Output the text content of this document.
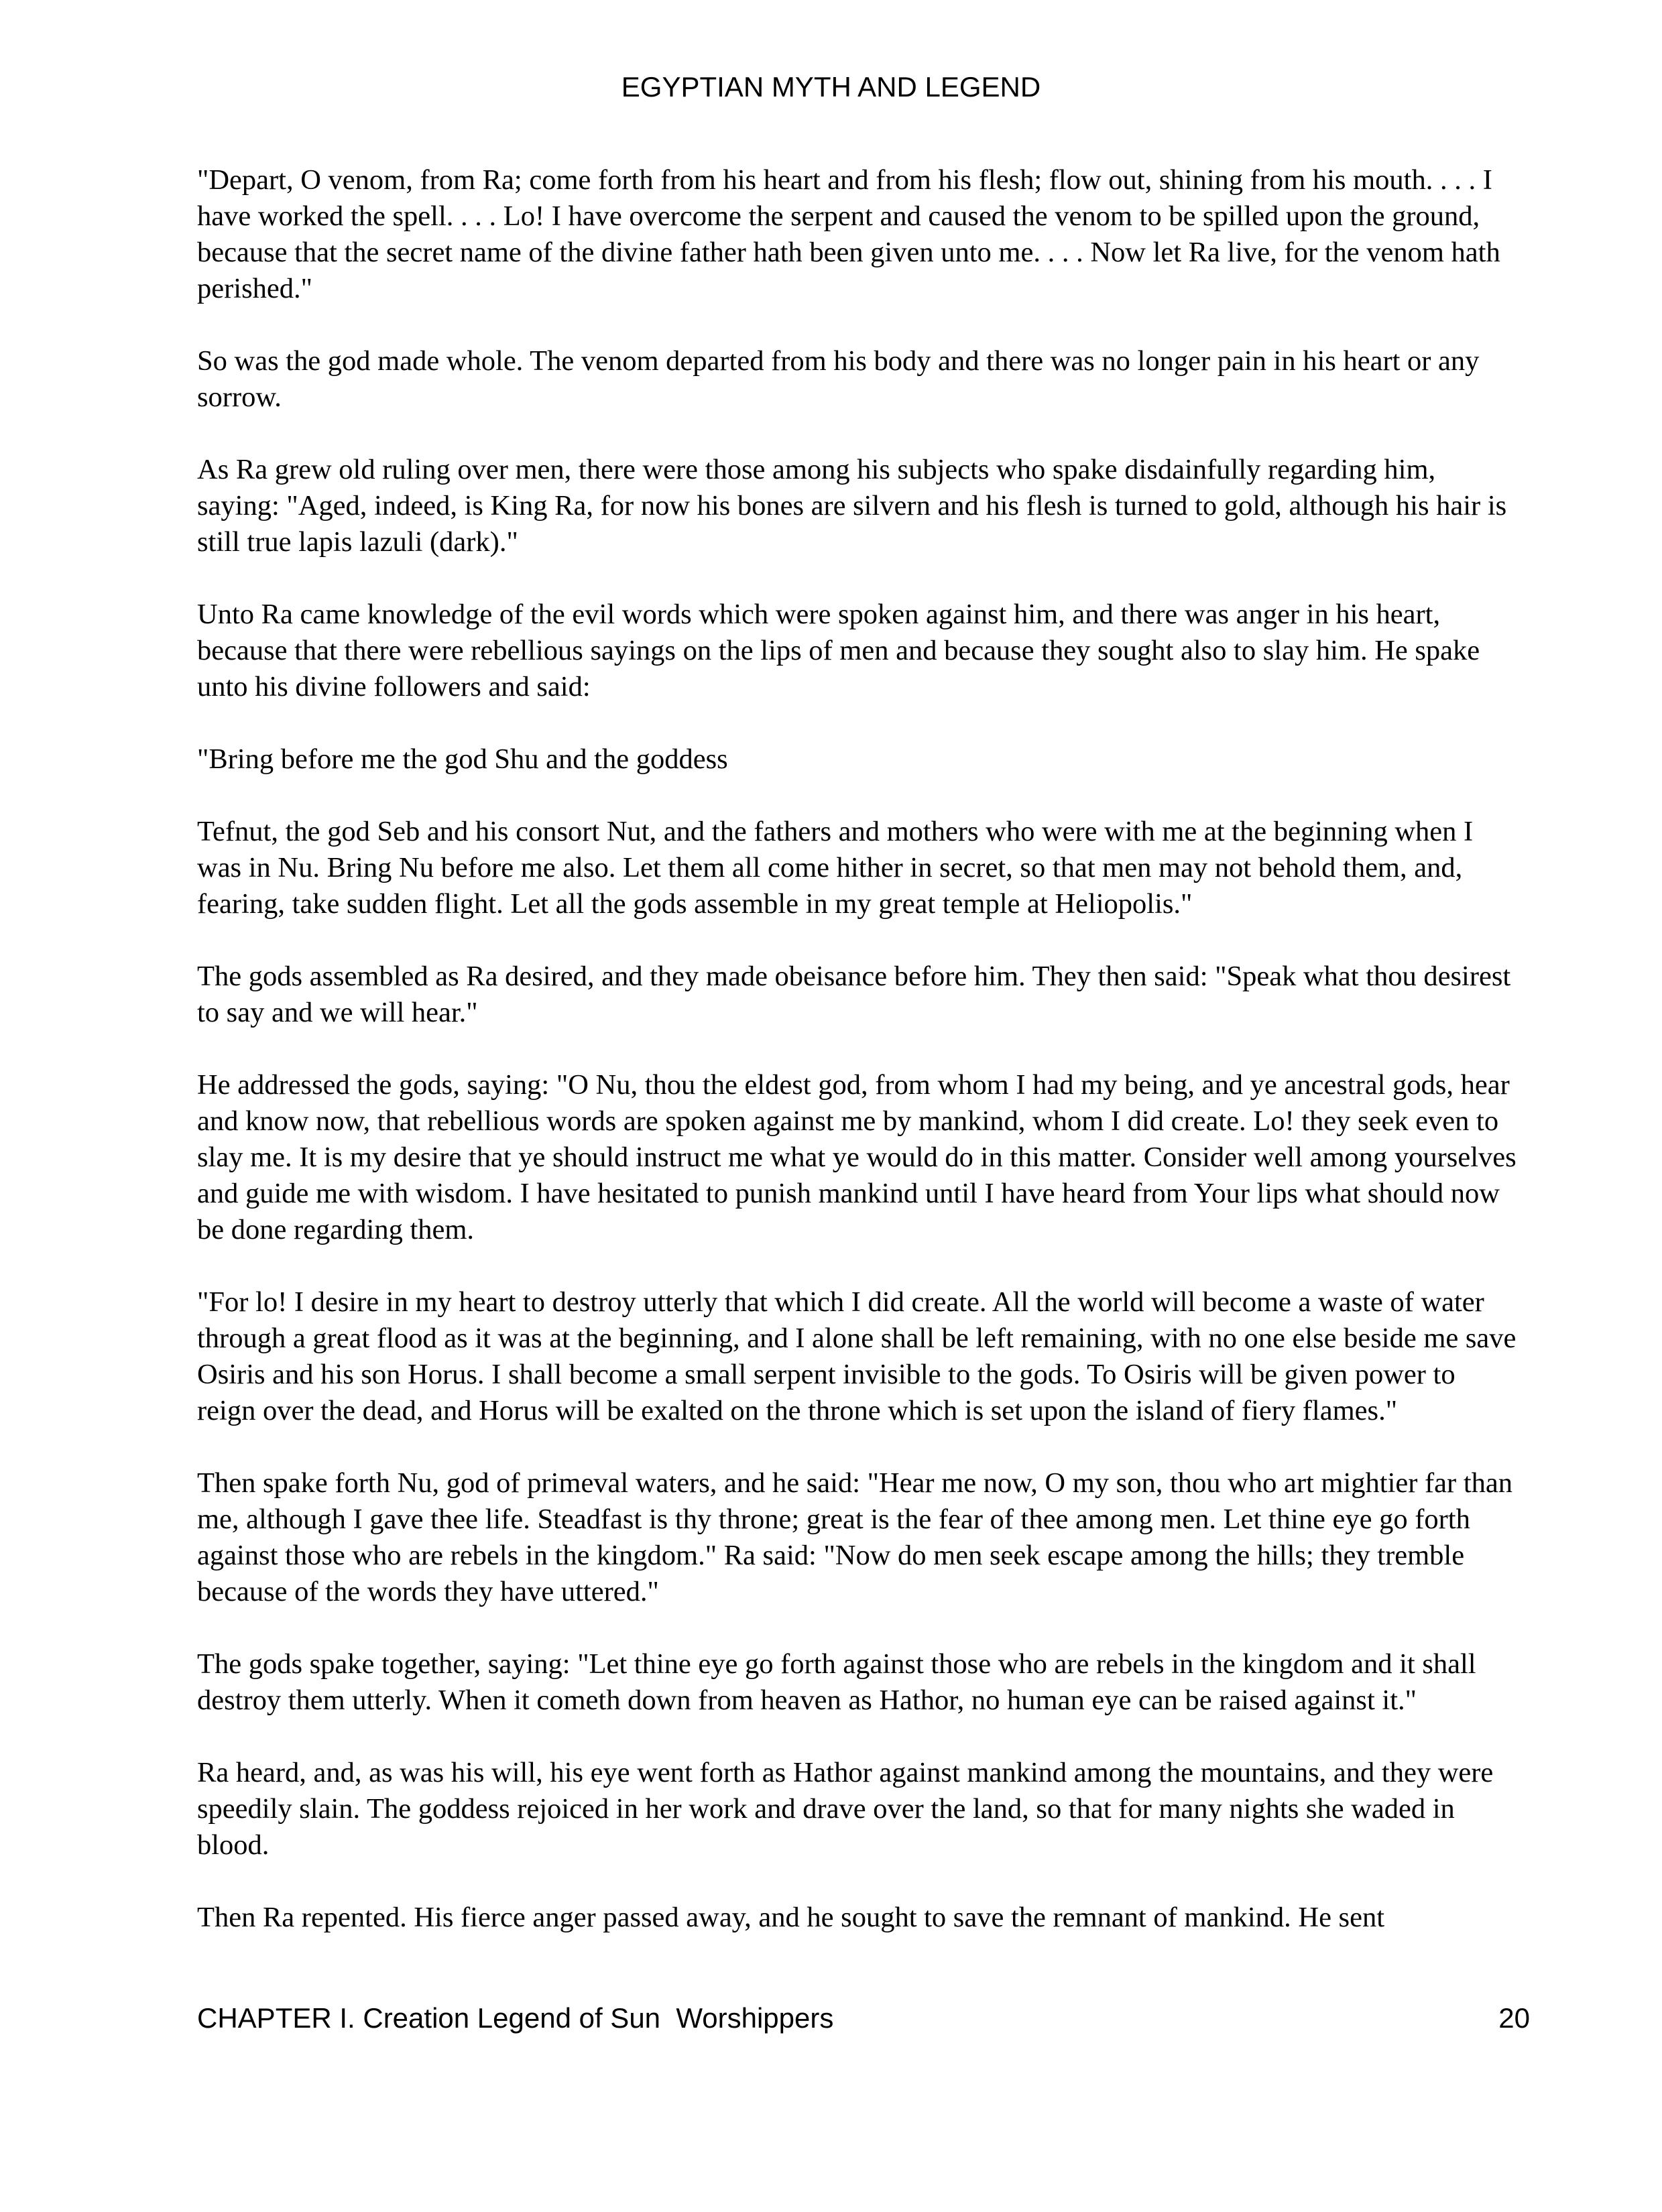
EGYPTIAN MYTH AND LEGEND

"Depart, O venom, from Ra; come forth from his heart and from his flesh; flow out, shining from his mouth. . . . I have worked the spell. . . . Lo! I have overcome the serpent and caused the venom to be spilled upon the ground, because that the secret name of the divine father hath been given unto me. . . . Now let Ra live, for the venom hath perished."

So was the god made whole. The venom departed from his body and there was no longer pain in his heart or any sorrow.

As Ra grew old ruling over men, there were those among his subjects who spake disdainfully regarding him, saying: "Aged, indeed, is King Ra, for now his bones are silvern and his flesh is turned to gold, although his hair is still true lapis lazuli (dark)."

Unto Ra came knowledge of the evil words which were spoken against him, and there was anger in his heart, because that there were rebellious sayings on the lips of men and because they sought also to slay him. He spake unto his divine followers and said:

"Bring before me the god Shu and the goddess

Tefnut, the god Seb and his consort Nut, and the fathers and mothers who were with me at the beginning when I was in Nu. Bring Nu before me also. Let them all come hither in secret, so that men may not behold them, and, fearing, take sudden flight. Let all the gods assemble in my great temple at Heliopolis."

The gods assembled as Ra desired, and they made obeisance before him. They then said: "Speak what thou desirest to say and we will hear."

He addressed the gods, saying: "O Nu, thou the eldest god, from whom I had my being, and ye ancestral gods, hear and know now, that rebellious words are spoken against me by mankind, whom I did create. Lo! they seek even to slay me. It is my desire that ye should instruct me what ye would do in this matter. Consider well among yourselves and guide me with wisdom. I have hesitated to punish mankind until I have heard from Your lips what should now be done regarding them.

"For lo! I desire in my heart to destroy utterly that which I did create. All the world will become a waste of water through a great flood as it was at the beginning, and I alone shall be left remaining, with no one else beside me save Osiris and his son Horus. I shall become a small serpent invisible to the gods. To Osiris will be given power to reign over the dead, and Horus will be exalted on the throne which is set upon the island of fiery flames."

Then spake forth Nu, god of primeval waters, and he said: "Hear me now, O my son, thou who art mightier far than me, although I gave thee life. Steadfast is thy throne; great is the fear of thee among men. Let thine eye go forth against those who are rebels in the kingdom." Ra said: "Now do men seek escape among the hills; they tremble because of the words they have uttered."

The gods spake together, saying: "Let thine eye go forth against those who are rebels in the kingdom and it shall destroy them utterly. When it cometh down from heaven as Hathor, no human eye can be raised against it."

Ra heard, and, as was his will, his eye went forth as Hathor against mankind among the mountains, and they were speedily slain. The goddess rejoiced in her work and drave over the land, so that for many nights she waded in blood.

Then Ra repented. His fierce anger passed away, and he sought to save the remnant of mankind. He sent

CHAPTER I. Creation Legend of Sun  Worshippers	20
